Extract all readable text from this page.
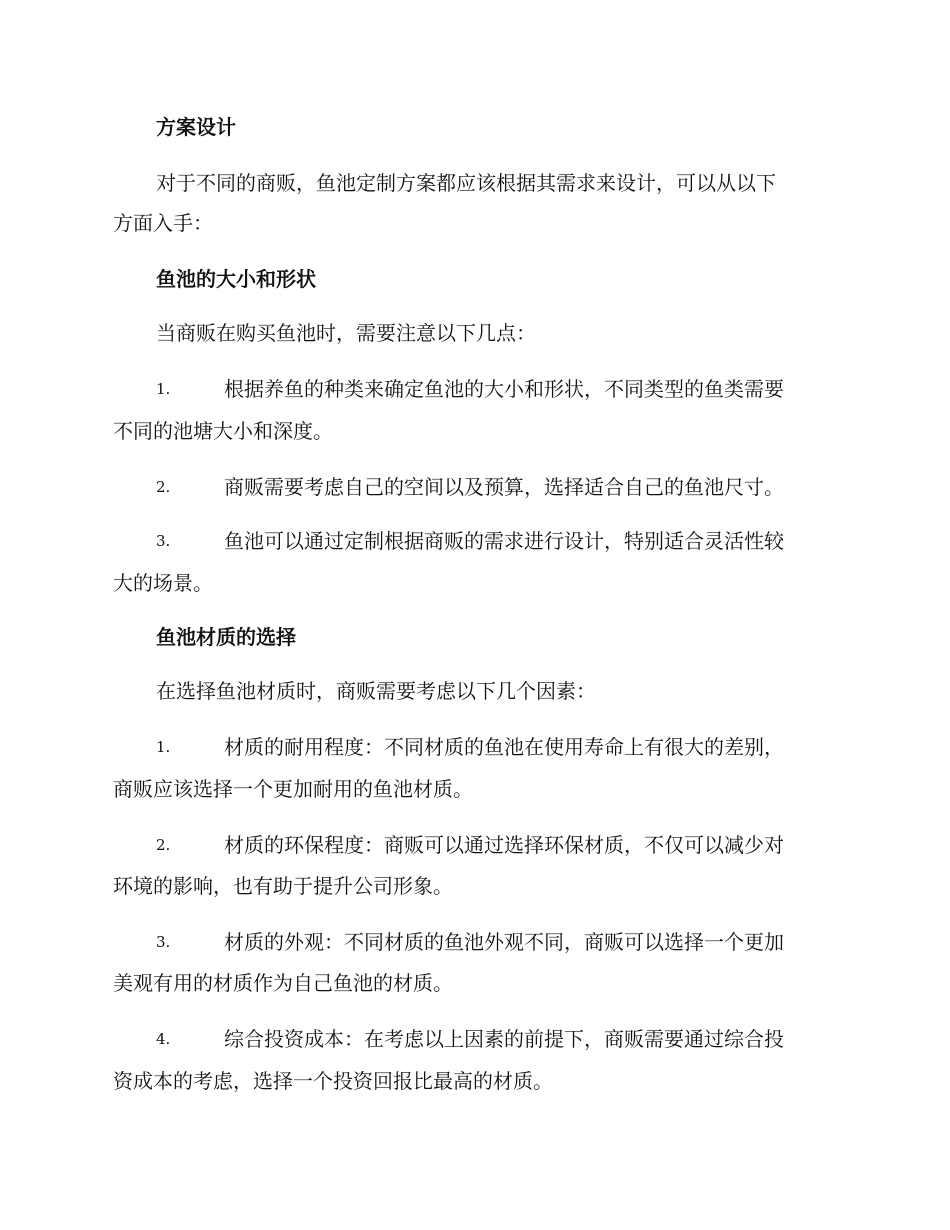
方案设计
对于不同的商贩，鱼池定制方案都应该根据其需求来设计，可以从以下
方面入手：
鱼池的大小和形状
当商贩在购买鱼池时，需要注意以下几点：
1.	根据养鱼的种类来确定鱼池的大小和形状，不同类型的鱼类需要
不同的池塘大小和深度。
2.	商贩需要考虑自己的空间以及预算，选择适合自己的鱼池尺寸。
3.	鱼池可以通过定制根据商贩的需求进行设计，特别适合灵活性较
大的场景。
鱼池材质的选择
在选择鱼池材质时，商贩需要考虑以下几个因素：
1.	材质的耐用程度：不同材质的鱼池在使用寿命上有很大的差别，
商贩应该选择一个更加耐用的鱼池材质。
2.	材质的环保程度：商贩可以通过选择环保材质，不仅可以减少对
环境的影响，也有助于提升公司形象。
3.	材质的外观：不同材质的鱼池外观不同，商贩可以选择一个更加
美观有用的材质作为自己鱼池的材质。
4.	综合投资成本：在考虑以上因素的前提下，商贩需要通过综合投
资成本的考虑，选择一个投资回报比最高的材质。
